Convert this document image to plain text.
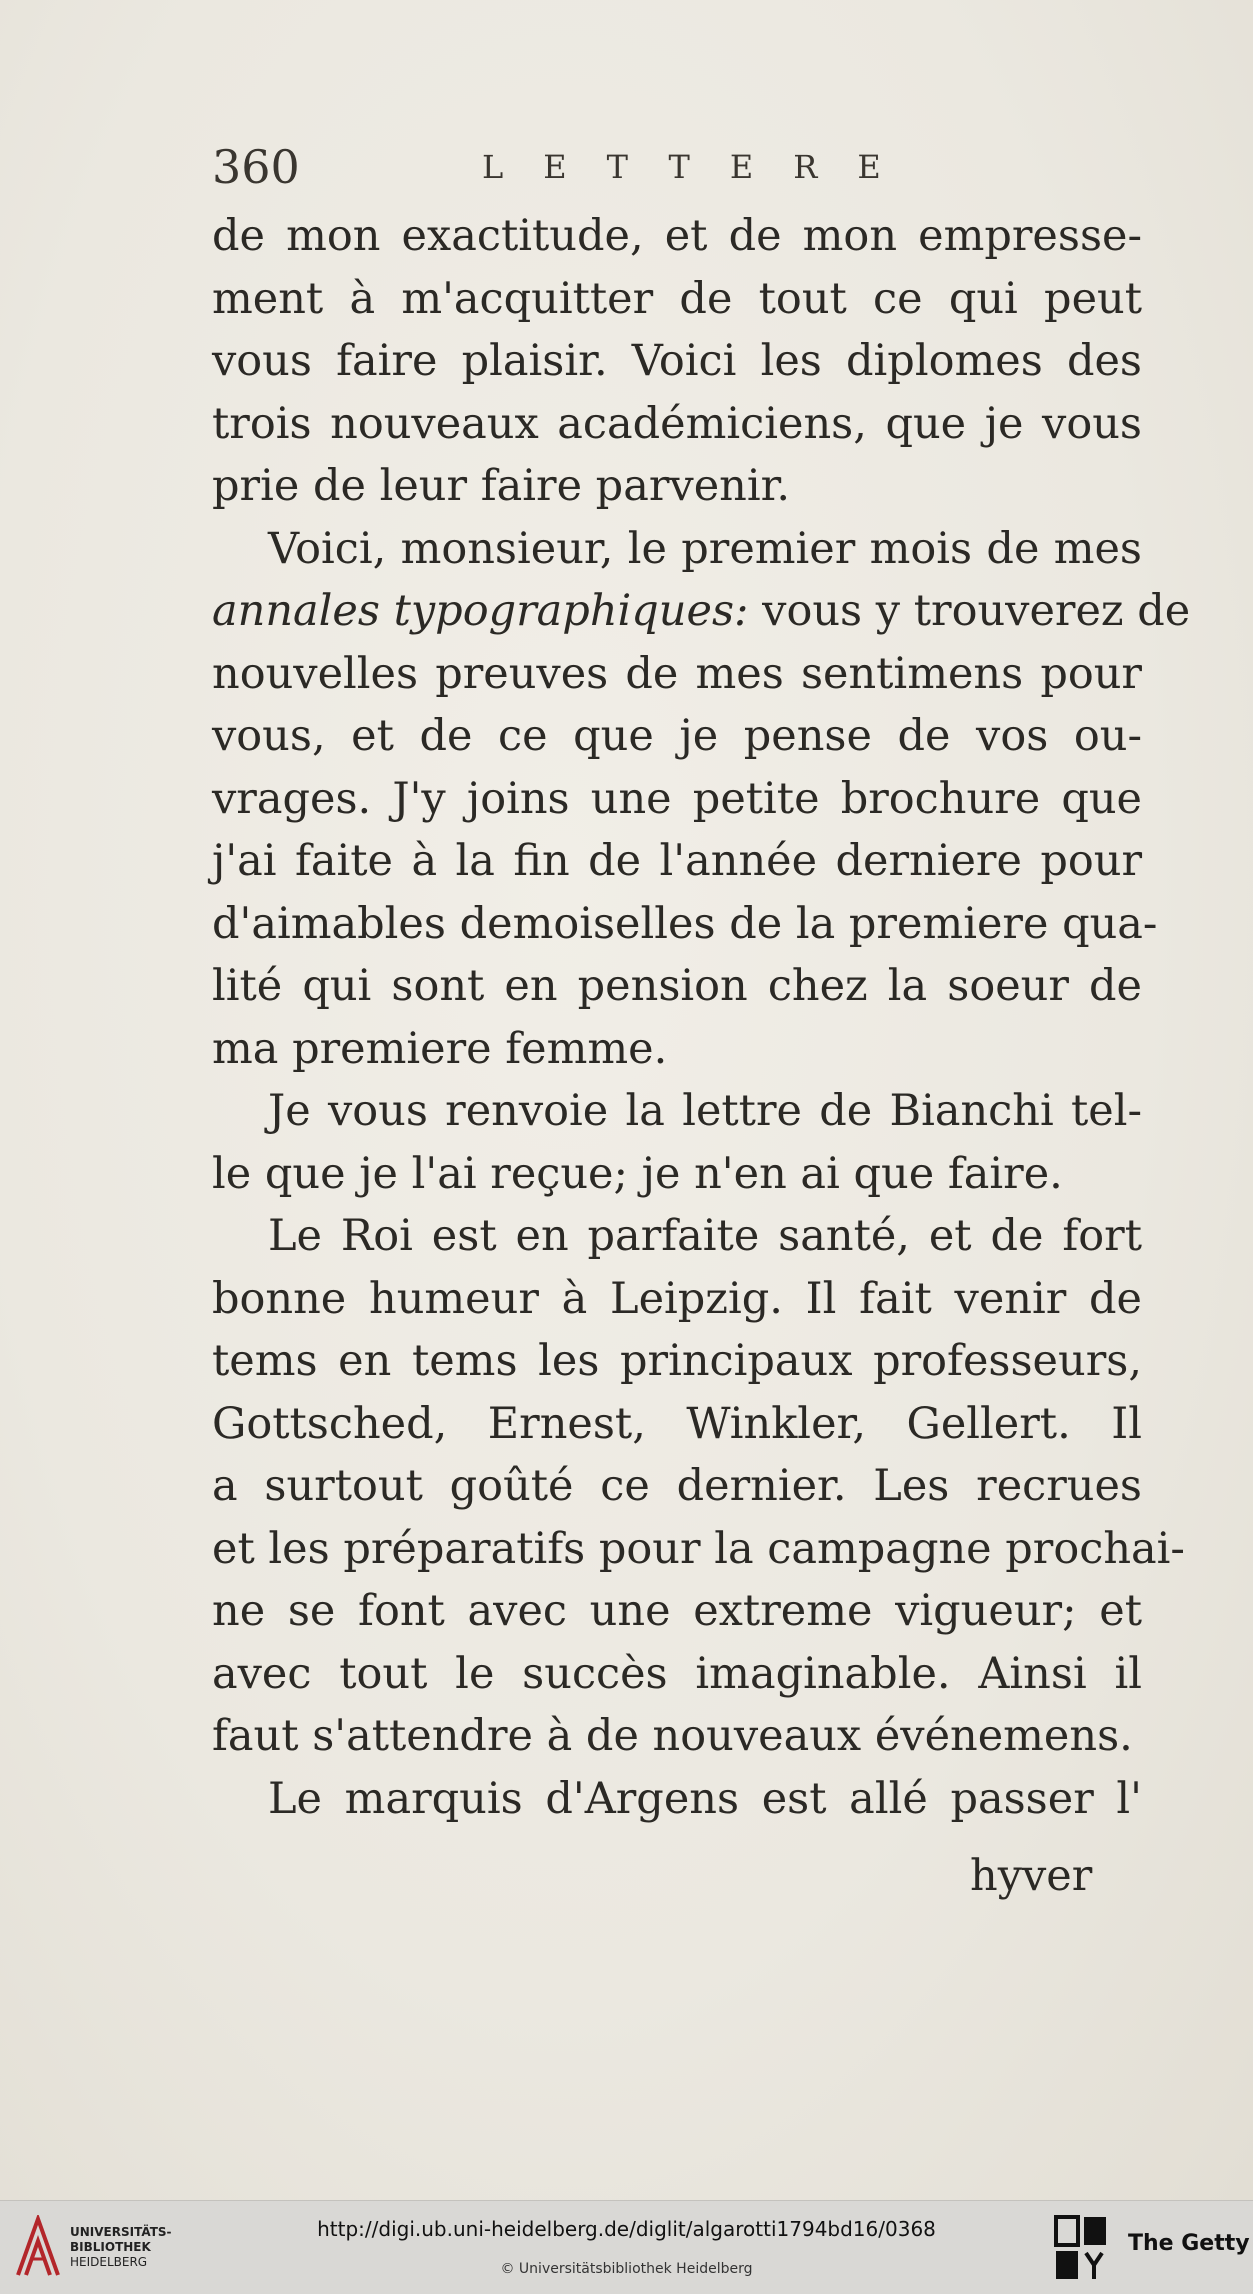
360	LETTERE
de mon exactitude, et de mon empresse-
ment à m'acquitter de tout ce qui peut
vous faire plaisir. Voici les diplomes des
trois nouveaux académiciens, que je vous
prie de leur faire parvenir.
Voici, monsieur, le premier mois de mes
annales typographiques: vous y trouverez de
nouvelles preuves de mes sentimens pour
vous, et de ce que je pense de vos ou-
vrages. J'y joins une petite brochure que
j'ai faite à la fin de l'année derniere pour
d'aimables demoiselles de la premiere qua-
lité qui sont en pension chez la soeur de
ma premiere femme.
Je vous renvoie la lettre de Bianchi tel-
le que je l'ai reçue; je n'en ai que faire.
Le Roi est en parfaite santé, et de fort
bonne humeur à Leipzig. Il fait venir de
tems en tems les principaux professeurs,
Gottsched, Ernest, Winkler, Gellert. Il
a surtout goûté ce dernier. Les recrues
et les préparatifs pour la campagne prochai-
ne se font avec une extreme vigueur; et
avec tout le succès imaginable. Ainsi il
faut s'attendre à de nouveaux événemens.
Le marquis d'Argens est allé passer l'
hyver
UNIVERSITÄTS-
BIBLIOTHEK
HEIDELBERG
http://digi.ub.uni-heidelberg.de/diglit/algarotti1794bd16/0368
© Universitätsbibliothek Heidelberg
The Getty
